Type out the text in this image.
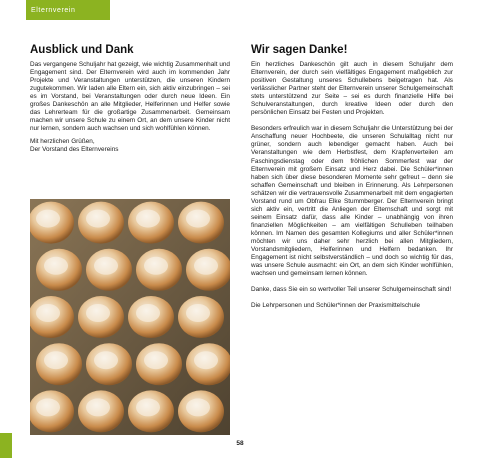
Elternverein
Ausblick und Dank

Das vergangene Schuljahr hat gezeigt, wie wichtig Zusammenhalt und Engagement sind. Der Elternverein wird auch im kommenden Jahr Projekte und Veranstaltungen unterstützen, die unseren Kindern zugutekommen. Wir laden alle Eltern ein, sich aktiv einzubringen – sei es im Vorstand, bei Veranstaltungen oder durch neue Ideen. Ein großes Dankeschön an alle Mitglieder, Helferinnen und Helfer sowie das Lehrerteam für die großartige Zusammenarbeit. Gemeinsam machen wir unsere Schule zu einem Ort, an dem unsere Kinder nicht nur lernen, sondern auch wachsen und sich wohlfühlen können.

Mit herzlichen Grüßen,
Der Vorstand des Elternvereins

Wir sagen Danke!

Ein herzliches Dankeschön gilt auch in diesem Schuljahr dem Elternverein, der durch sein vielfältiges Engagement maßgeblich zur positiven Gestaltung unseres Schullebens beigetragen hat. Als verlässlicher Partner steht der Elternverein unserer Schulgemeinschaft stets unterstützend zur Seite – sei es durch finanzielle Hilfe bei Schulveranstaltungen, durch kreative Ideen oder durch den persönlichen Einsatz bei Festen und Projekten.

Besonders erfreulich war in diesem Schuljahr die Unterstützung bei der Anschaffung neuer Hochbeete, die unseren Schulalltag nicht nur grüner, sondern auch lebendiger gemacht haben. Auch bei Veranstaltungen wie dem Herbstfest, dem Krapfenverteilen am Faschingsdienstag oder dem fröhlichen Sommerfest war der Elternverein mit großem Einsatz und Herz dabei. Die Schüler*innen haben sich über diese besonderen Momente sehr gefreut – denn sie schaffen Gemeinschaft und bleiben in Erinnerung. Als Lehrpersonen schätzen wir die vertrauensvolle Zusammenarbeit mit dem engagierten Vorstand rund um Obfrau Elke Stummberger. Der Elternverein bringt sich aktiv ein, vertritt die Anliegen der Elternschaft und sorgt mit seinem Einsatz dafür, dass alle Kinder – unabhängig von ihren finanziellen Möglichkeiten – am vielfältigen Schulleben teilhaben können. Im Namen des gesamten Kollegiums und aller Schüler*innen möchten wir uns daher sehr herzlich bei allen Mitgliedern, Vorstandsmitgliedern, Helferinnen und Helfern bedanken. Ihr Engagement ist nicht selbstverständlich – und doch so wichtig für das, was unsere Schule ausmacht: ein Ort, an dem sich Kinder wohlfühlen, wachsen und gemeinsam lernen können.

Danke, dass Sie ein so wertvoller Teil unserer Schulgemeinschaft sind!

Die Lehrpersonen und Schüler*innen der Praxismittelschule

58
